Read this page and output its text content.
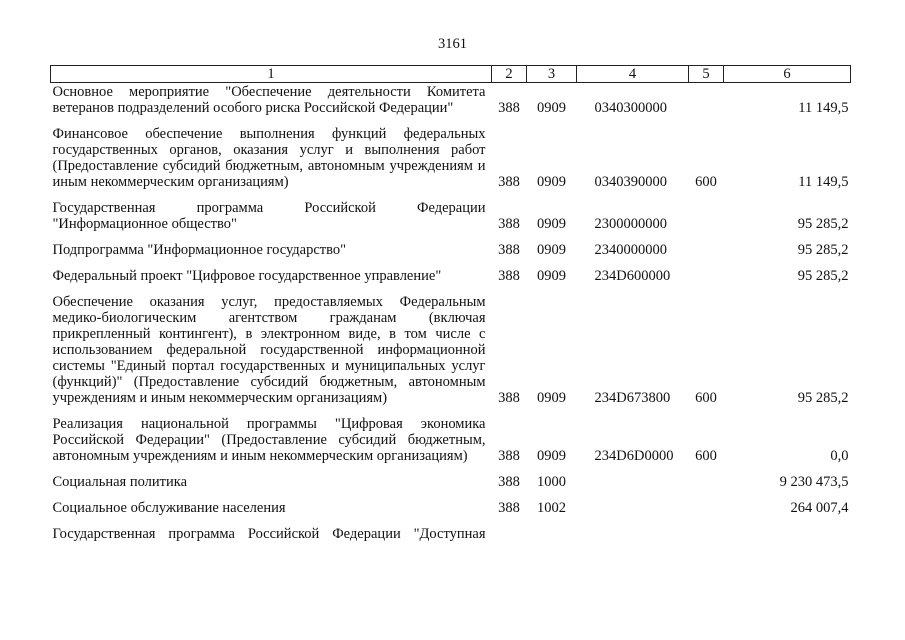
3161
1	2	3	4	5	6
Основное мероприятие "Обеспечение деятельности Комитета ветеранов подразделений особого риска Российской Федерации"	388	0909	0340300000		11 149,5
Финансовое обеспечение выполнения функций федеральных государственных органов, оказания услуг и выполнения работ (Предоставление субсидий бюджетным, автономным учреждениям и иным некоммерческим организациям)	388	0909	0340390000	600	11 149,5
Государственная программа Российской Федерации "Информационное общество"	388	0909	2300000000		95 285,2
Подпрограмма "Информационное государство"	388	0909	2340000000		95 285,2
Федеральный проект "Цифровое государственное управление"	388	0909	234D600000		95 285,2
Обеспечение оказания услуг, предоставляемых Федеральным медико-биологическим агентством гражданам (включая прикрепленный контингент), в электронном виде, в том числе с использованием федеральной государственной информационной системы "Единый портал государственных и муниципальных услуг (функций)" (Предоставление субсидий бюджетным, автономным учреждениям и иным некоммерческим организациям)	388	0909	234D673800	600	95 285,2
Реализация национальной программы "Цифровая экономика Российской Федерации" (Предоставление субсидий бюджетным, автономным учреждениям и иным некоммерческим организациям)	388	0909	234D6D0000	600	0,0
Социальная политика	388	1000			9 230 473,5
Социальное обслуживание населения	388	1002			264 007,4
Государственная программа Российской Федерации "Доступная					
